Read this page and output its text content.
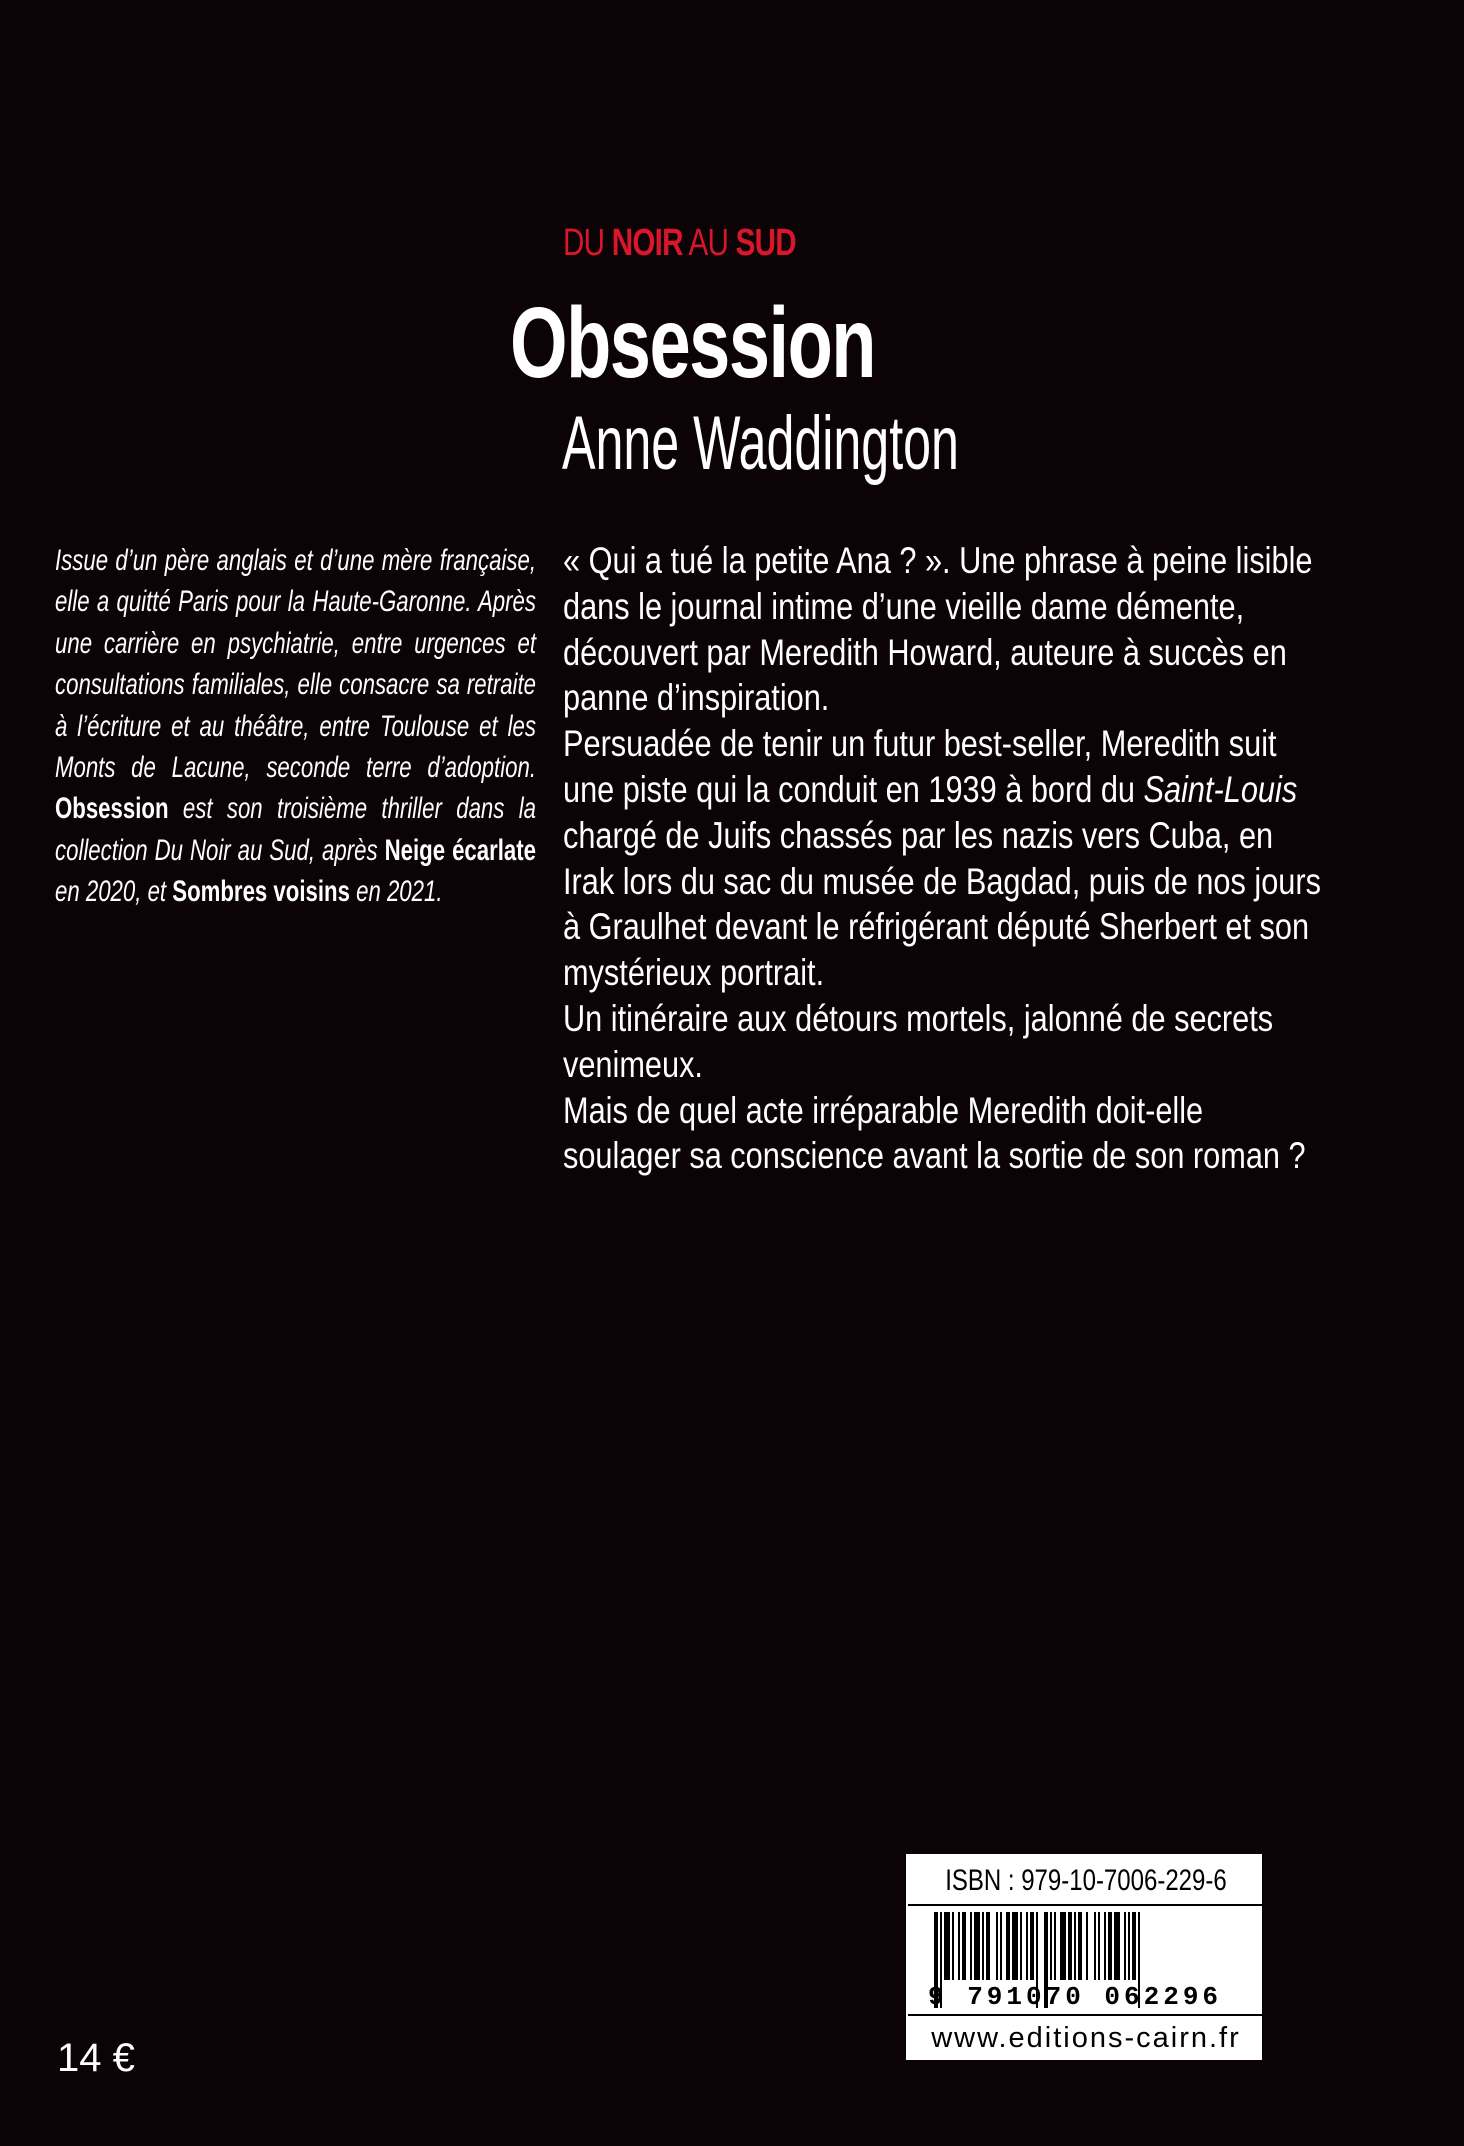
DU NOIR AU SUD
Obsession
Anne Waddington
Issue d’un père anglais et d’une mère française, elle a quitté Paris pour la Haute-Garonne. Après une carrière en psychiatrie, entre urgences et consultations familiales, elle consacre sa retraite à l’écriture et au théâtre, entre Toulouse et les Monts de Lacune, seconde terre d’adoption. Obsession est son troisième thriller dans la collection Du Noir au Sud, après Neige écarlate en 2020, et Sombres voisins en 2021.

« Qui a tué la petite Ana ? ». Une phrase à peine lisible dans le journal intime d’une vieille dame démente, découvert par Meredith Howard, auteure à succès en panne d’inspiration.

Persuadée de tenir un futur best-seller, Meredith suit une piste qui la conduit en 1939 à bord du Saint-Louis chargé de Juifs chassés par les nazis vers Cuba, en Irak lors du sac du musée de Bagdad, puis de nos jours à Graulhet devant le réfrigérant député Sherbert et son mystérieux portrait.

Un itinéraire aux détours mortels, jalonné de secrets venimeux.

Mais de quel acte irréparable Meredith doit-elle soulager sa conscience avant la sortie de son roman ?

14 €
ISBN : 979-10-7006-229-6
9 791070 062296
www.editions-cairn.fr
